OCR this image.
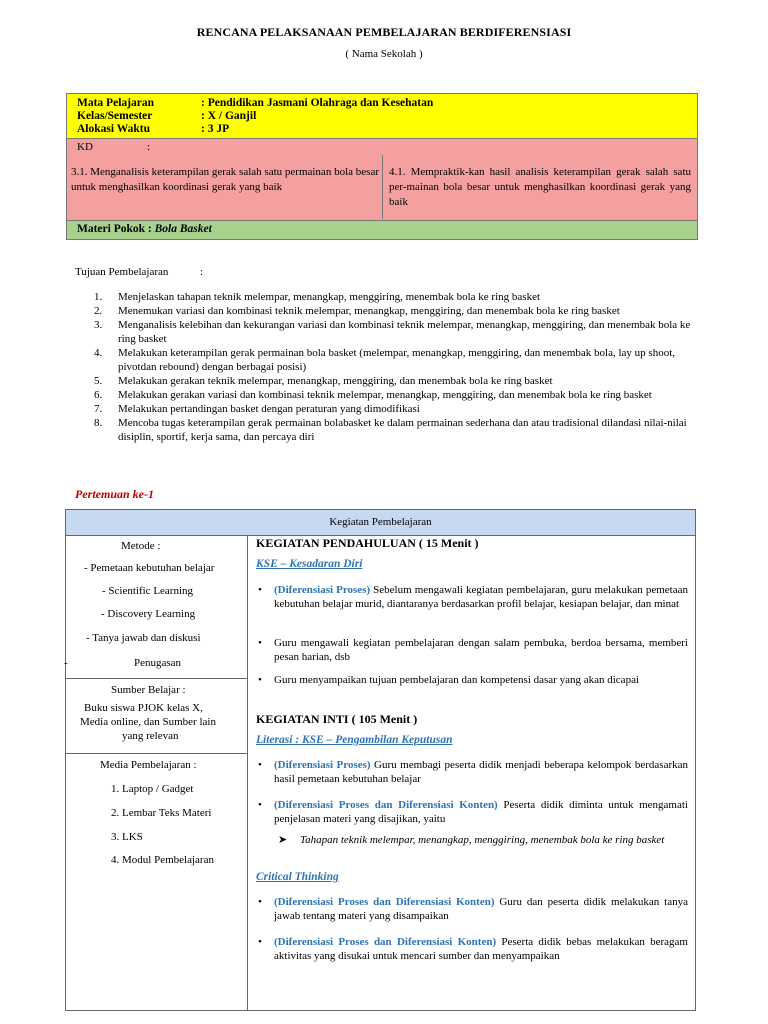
RENCANA PELAKSANAAN PEMBELAJARAN BERDIFERENSIASI
( Nama Sekolah )
Mata Pelajaran	: Pendidikan Jasmani Olahraga dan Kesehatan
Kelas/Semester	: X / Ganjil
Alokasi Waktu	: 3 JP
KD	:
3.1. Menganalisis keterampilan gerak salah satu permainan bola besar untuk menghasilkan koordinasi gerak yang baik
4.1. Mempraktik-kan hasil analisis keterampilan gerak salah satu per-mainan bola besar untuk menghasilkan koordinasi gerak yang baik
Materi Pokok : Bola Basket
Tujuan Pembelajaran	:
1. Menjelaskan tahapan teknik melempar, menangkap, menggiring, menembak bola ke ring basket
2. Menemukan variasi dan kombinasi teknik melempar, menangkap, menggiring, dan menembak bola ke ring basket
3. Menganalisis kelebihan dan kekurangan variasi dan kombinasi teknik melempar, menangkap, menggiring, dan menembak bola ke ring basket
4. Melakukan keterampilan gerak permainan bola basket (melempar, menangkap, menggiring, dan menembak bola, lay up shoot, pivotdan rebound) dengan berbagai posisi)
5. Melakukan gerakan teknik melempar, menangkap, menggiring, dan menembak bola ke ring basket
6. Melakukan gerakan variasi dan kombinasi teknik melempar, menangkap, menggiring, dan menembak bola ke ring basket
7. Melakukan pertandingan basket dengan peraturan yang dimodifikasi
8. Mencoba tugas keterampilan gerak permainan bolabasket ke dalam permainan sederhana dan atau tradisional dilandasi nilai-nilai disiplin, sportif, kerja sama, dan percaya diri
Pertemuan ke-1
Kegiatan Pembelajaran
Metode :
- Pemetaan kebutuhan belajar
- Scientific Learning
- Discovery Learning
- Tanya jawab dan diskusi
-	Penugasan
Sumber Belajar :
Buku siswa PJOK kelas X,
Media online, dan Sumber lain
yang relevan
Media Pembelajaran :
1. Laptop / Gadget
2. Lembar Teks Materi
3. LKS
4. Modul Pembelajaran
KEGIATAN PENDAHULUAN ( 15 Menit )
KSE – Kesadaran Diri
• (Diferensiasi Proses) Sebelum mengawali kegiatan pembelajaran, guru melakukan pemetaan kebutuhan belajar murid, diantaranya berdasarkan profil belajar, kesiapan belajar, dan minat
• Guru mengawali kegiatan pembelajaran dengan salam pembuka, berdoa bersama, memberi pesan harian, dsb
• Guru menyampaikan tujuan pembelajaran dan kompetensi dasar yang akan dicapai
KEGIATAN INTI ( 105 Menit )
Literasi : KSE – Pengambilan Keputusan
• (Diferensiasi Proses) Guru membagi peserta didik menjadi beberapa kelompok berdasarkan hasil pemetaan kebutuhan belajar
• (Diferensiasi Proses dan Diferensiasi Konten) Peserta didik diminta untuk mengamati penjelasan materi yang disajikan, yaitu
➤ Tahapan teknik melempar, menangkap, menggiring, menembak bola ke ring basket
Critical Thinking
• (Diferensiasi Proses dan Diferensiasi Konten) Guru dan peserta didik melakukan tanya jawab tentang materi yang disampaikan
• (Diferensiasi Proses dan Diferensiasi Konten) Peserta didik bebas melakukan beragam aktivitas yang disukai untuk mencari sumber dan menyampaikan
